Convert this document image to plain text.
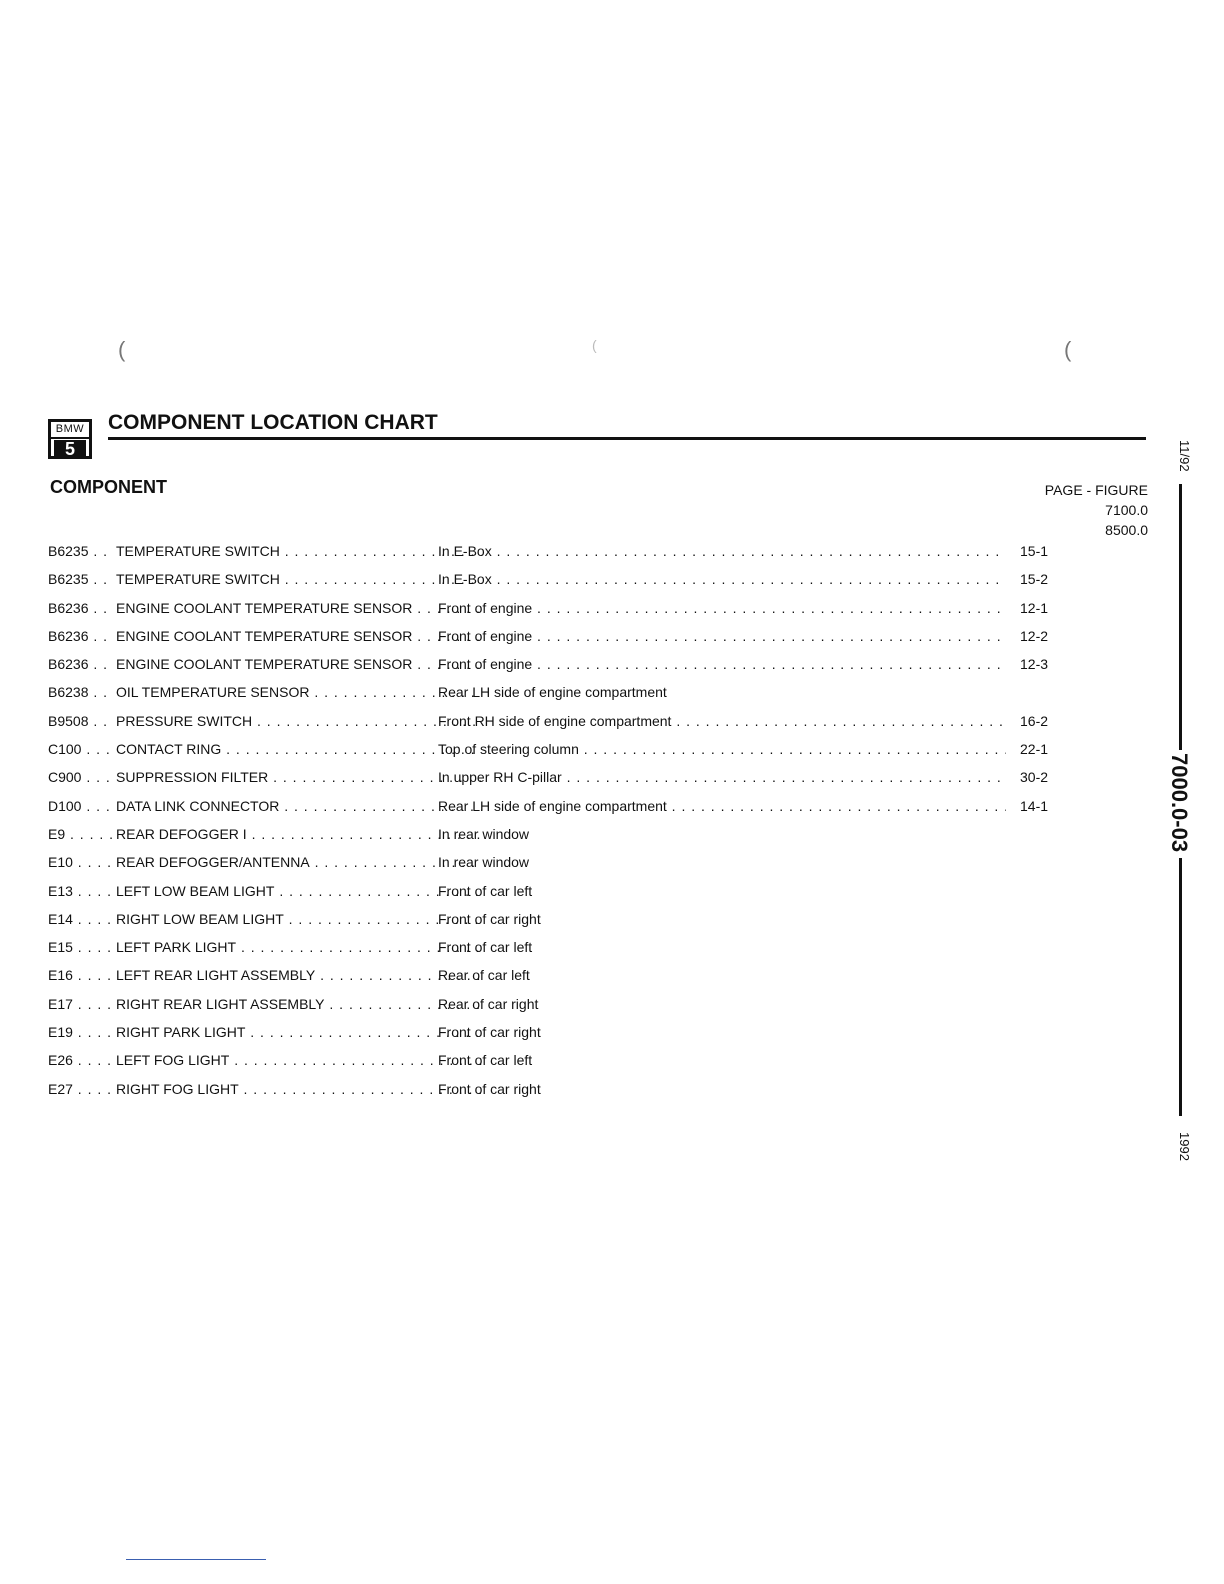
(	(	(
BMW
5
COMPONENT LOCATION CHART
COMPONENT	PAGE - FIGURE
7100.0 8500.0
B6235 . . .	TEMPERATURE SWITCH . . .	In E-Box . . .	15-1
B6235 . . .	TEMPERATURE SWITCH . . .	In E-Box . . .	15-2
B6236 . . .	ENGINE COOLANT TEMPERATURE SENSOR . . .	Front of engine . . .	12-1
B6236 . . .	ENGINE COOLANT TEMPERATURE SENSOR . . .	Front of engine . . .	12-2
B6236 . . .	ENGINE COOLANT TEMPERATURE SENSOR . . .	Front of engine . . .	12-3
B6238 . . .	OIL TEMPERATURE SENSOR . . .	Rear LH side of engine compartment
B9508 . . .	PRESSURE SWITCH . . .	Front RH side of engine compartment . . .	16-2
C100 . . .	CONTACT RING . . .	Top of steering column . . .	22-1
C900 . . .	SUPPRESSION FILTER . . .	In upper RH C-pillar . . .	30-2
D100 . . .	DATA LINK CONNECTOR . . .	Rear LH side of engine compartment . . .	14-1
E9 . . .	REAR DEFOGGER I . . .	In rear window
E10 . . .	REAR DEFOGGER/ANTENNA . . .	In rear window
E13 . . .	LEFT LOW BEAM LIGHT . . .	Front of car left
E14 . . .	RIGHT LOW BEAM LIGHT . . .	Front of car right
E15 . . .	LEFT PARK LIGHT . . .	Front of car left
E16 . . .	LEFT REAR LIGHT ASSEMBLY . . .	Rear of car left
E17 . . .	RIGHT REAR LIGHT ASSEMBLY . . .	Rear of car right
E19 . . .	RIGHT PARK LIGHT . . .	Front of car right
E26 . . .	LEFT FOG LIGHT . . .	Front of car left
E27 . . .	RIGHT FOG LIGHT . . .	Front of car right
11/92
7000.0-03
1992
